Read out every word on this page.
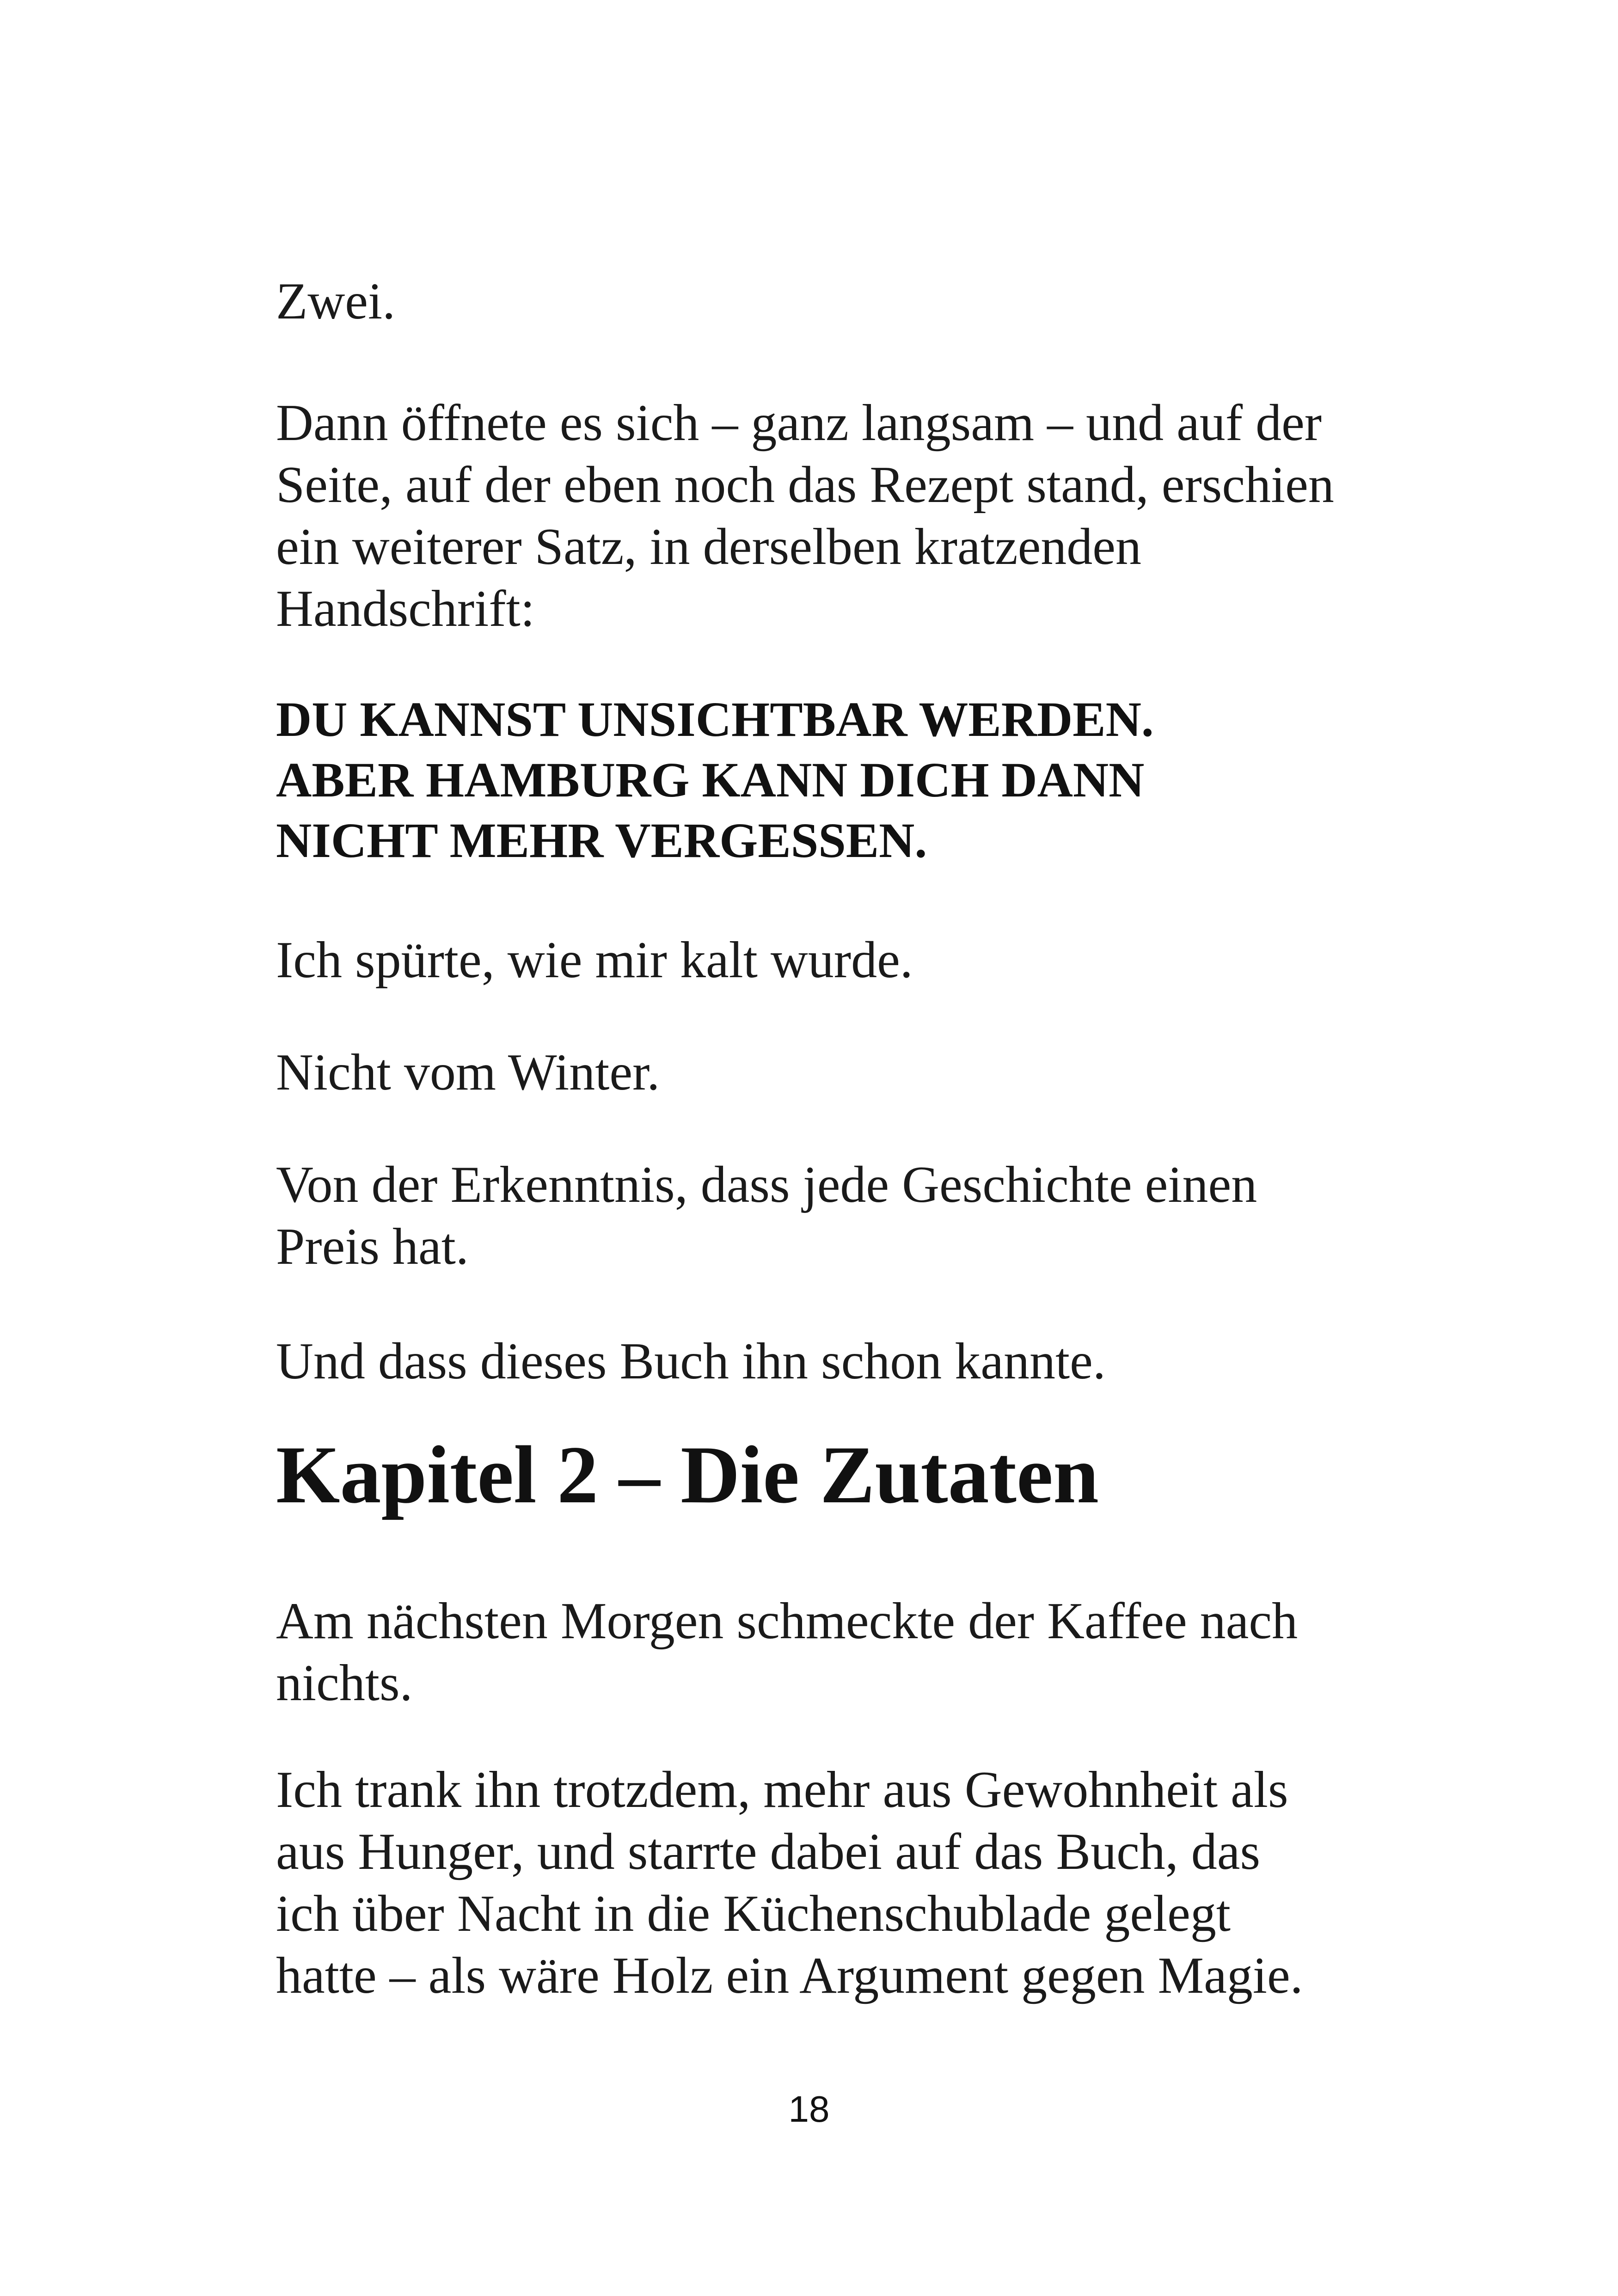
Zwei.
Dann öffnete es sich – ganz langsam – und auf der
Seite, auf der eben noch das Rezept stand, erschien
ein weiterer Satz, in derselben kratzenden
Handschrift:
DU KANNST UNSICHTBAR WERDEN.
ABER HAMBURG KANN DICH DANN
NICHT MEHR VERGESSEN.
Ich spürte, wie mir kalt wurde.
Nicht vom Winter.
Von der Erkenntnis, dass jede Geschichte einen
Preis hat.
Und dass dieses Buch ihn schon kannte.
Kapitel 2 – Die Zutaten
Am nächsten Morgen schmeckte der Kaffee nach
nichts.
Ich trank ihn trotzdem, mehr aus Gewohnheit als
aus Hunger, und starrte dabei auf das Buch, das
ich über Nacht in die Küchenschublade gelegt
hatte – als wäre Holz ein Argument gegen Magie.
18
